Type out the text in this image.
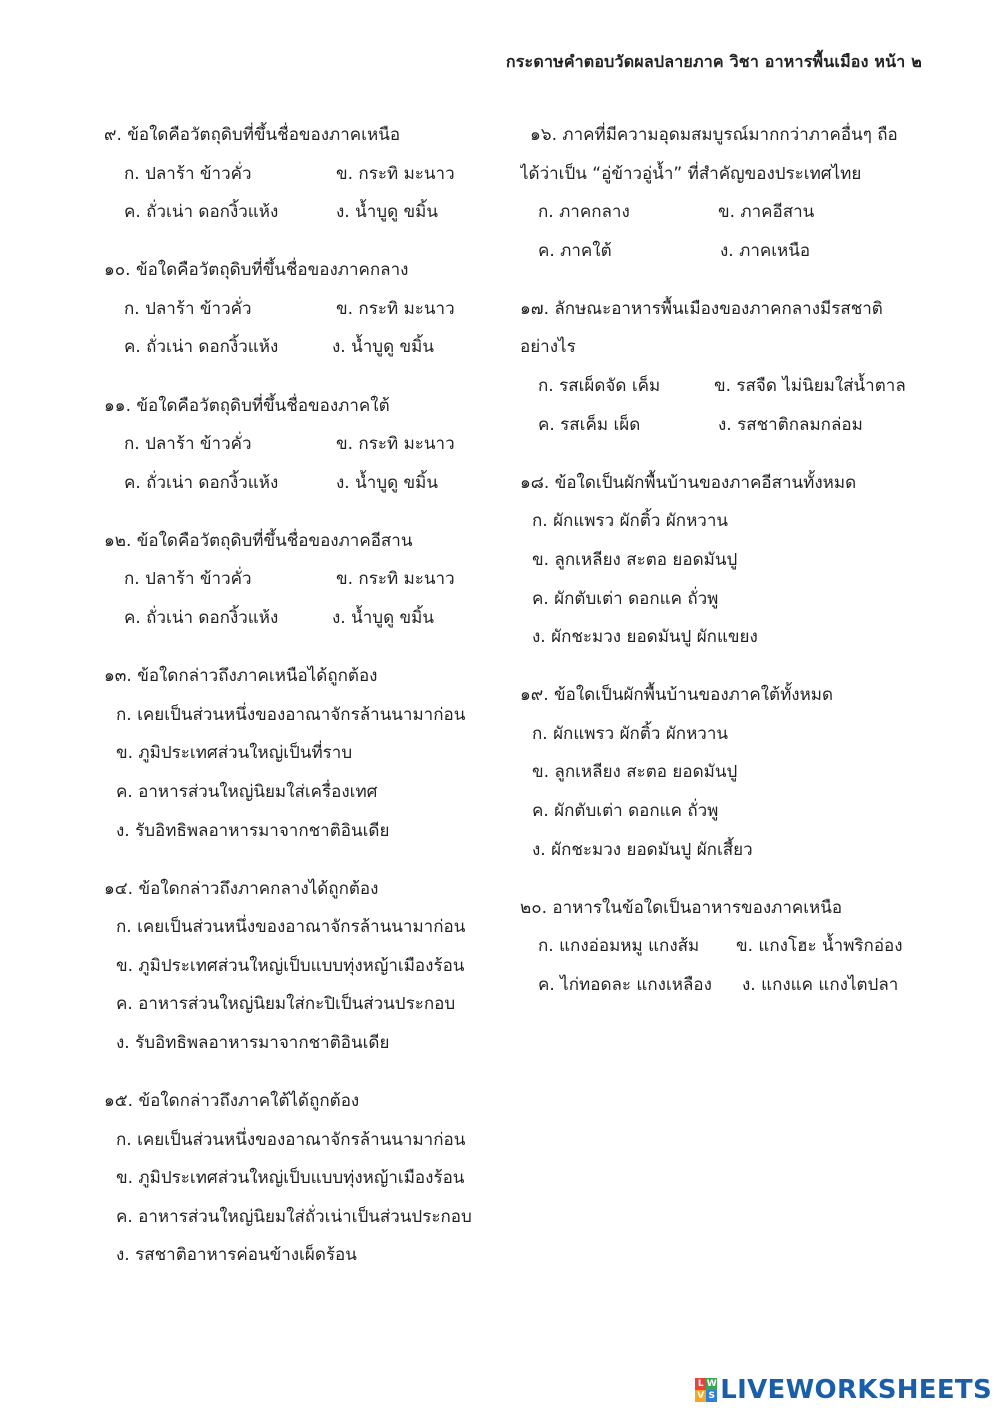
กระดาษคำตอบวัดผลปลายภาค วิชา อาหารพื้นเมือง หน้า ๒
๙. ข้อใดคือวัตถุดิบที่ขึ้นชื่อของภาคเหนือ
ก. ปลาร้า ข้าวคั่ว	ข. กระทิ มะนาว
ค. ถั่วเน่า ดอกงิ้วแห้ง	ง. น้ำบูดู ขมิ้น
๑๐. ข้อใดคือวัตถุดิบที่ขึ้นชื่อของภาคกลาง
ก. ปลาร้า ข้าวคั่ว	ข. กระทิ มะนาว
ค. ถั่วเน่า ดอกงิ้วแห้ง	ง. น้ำบูดู ขมิ้น
๑๑. ข้อใดคือวัตถุดิบที่ขึ้นชื่อของภาคใต้
ก. ปลาร้า ข้าวคั่ว	ข. กระทิ มะนาว
ค. ถั่วเน่า ดอกงิ้วแห้ง	ง. น้ำบูดู ขมิ้น
๑๒. ข้อใดคือวัตถุดิบที่ขึ้นชื่อของภาคอีสาน
ก. ปลาร้า ข้าวคั่ว	ข. กระทิ มะนาว
ค. ถั่วเน่า ดอกงิ้วแห้ง	ง. น้ำบูดู ขมิ้น
๑๓. ข้อใดกล่าวถึงภาคเหนือได้ถูกต้อง
ก. เคยเป็นส่วนหนึ่งของอาณาจักรล้านนามาก่อน
ข. ภูมิประเทศส่วนใหญ่เป็นที่ราบ
ค. อาหารส่วนใหญ่นิยมใส่เครื่องเทศ
ง. รับอิทธิพลอาหารมาจากชาติอินเดีย
๑๔. ข้อใดกล่าวถึงภาคกลางได้ถูกต้อง
ก. เคยเป็นส่วนหนึ่งของอาณาจักรล้านนามาก่อน
ข. ภูมิประเทศส่วนใหญ่เป็บแบบทุ่งหญ้าเมืองร้อน
ค. อาหารส่วนใหญ่นิยมใส่กะปิเป็นส่วนประกอบ
ง. รับอิทธิพลอาหารมาจากชาติอินเดีย
๑๕. ข้อใดกล่าวถึงภาคใต้ได้ถูกต้อง
ก. เคยเป็นส่วนหนึ่งของอาณาจักรล้านนามาก่อน
ข. ภูมิประเทศส่วนใหญ่เป็บแบบทุ่งหญ้าเมืองร้อน
ค. อาหารส่วนใหญ่นิยมใส่ถั่วเน่าเป็นส่วนประกอบ
ง. รสชาติอาหารค่อนข้างเผ็ดร้อน
๑๖. ภาคที่มีความอุดมสมบูรณ์มากกว่าภาคอื่นๆ ถือ
ได้ว่าเป็น “อู่ข้าวอู่น้ำ” ที่สำคัญของประเทศไทย
ก. ภาคกลาง	ข. ภาคอีสาน
ค. ภาคใต้	ง. ภาคเหนือ
๑๗. ลักษณะอาหารพื้นเมืองของภาคกลางมีรสชาติ
อย่างไร
ก. รสเผ็ดจัด เค็ม	ข. รสจืด ไม่นิยมใส่น้ำตาล
ค. รสเค็ม เผ็ด	ง. รสชาติกลมกล่อม
๑๘. ข้อใดเป็นผักพื้นบ้านของภาคอีสานทั้งหมด
ก. ผักแพรว ผักติ้ว ผักหวาน
ข. ลูกเหลียง สะตอ ยอดมันปู
ค. ผักตับเต่า ดอกแค ถั่วพู
ง. ผักชะมวง ยอดมันปู ผักแขยง
๑๙. ข้อใดเป็นผักพื้นบ้านของภาคใต้ทั้งหมด
ก. ผักแพรว ผักติ้ว ผักหวาน
ข. ลูกเหลียง สะตอ ยอดมันปู
ค. ผักตับเต่า ดอกแค ถั่วพู
ง. ผักชะมวง ยอดมันปู ผักเสี้ยว
๒๐. อาหารในข้อใดเป็นอาหารของภาคเหนือ
ก. แกงอ่อมหมู แกงส้ม	ข. แกงโฮะ น้ำพริกอ่อง
ค. ไก่ทอดละ แกงเหลือง	ง. แกงแค แกงไตปลา
L W
V S LIVEWORKSHEETS
